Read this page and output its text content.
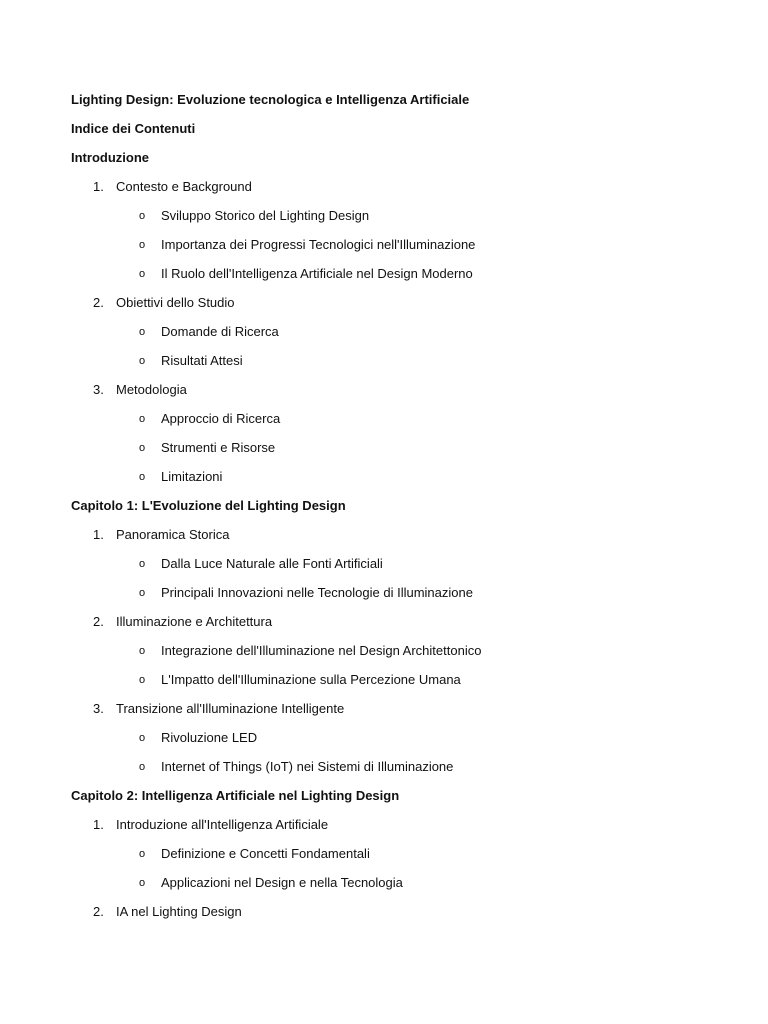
Lighting Design: Evoluzione tecnologica e Intelligenza Artificiale
Indice dei Contenuti
Introduzione
1. Contesto e Background
o Sviluppo Storico del Lighting Design
o Importanza dei Progressi Tecnologici nell'Illuminazione
o Il Ruolo dell'Intelligenza Artificiale nel Design Moderno
2. Obiettivi dello Studio
o Domande di Ricerca
o Risultati Attesi
3. Metodologia
o Approccio di Ricerca
o Strumenti e Risorse
o Limitazioni
Capitolo 1: L'Evoluzione del Lighting Design
1. Panoramica Storica
o Dalla Luce Naturale alle Fonti Artificiali
o Principali Innovazioni nelle Tecnologie di Illuminazione
2. Illuminazione e Architettura
o Integrazione dell'Illuminazione nel Design Architettonico
o L'Impatto dell'Illuminazione sulla Percezione Umana
3. Transizione all'Illuminazione Intelligente
o Rivoluzione LED
o Internet of Things (IoT) nei Sistemi di Illuminazione
Capitolo 2: Intelligenza Artificiale nel Lighting Design
1. Introduzione all'Intelligenza Artificiale
o Definizione e Concetti Fondamentali
o Applicazioni nel Design e nella Tecnologia
2. IA nel Lighting Design
